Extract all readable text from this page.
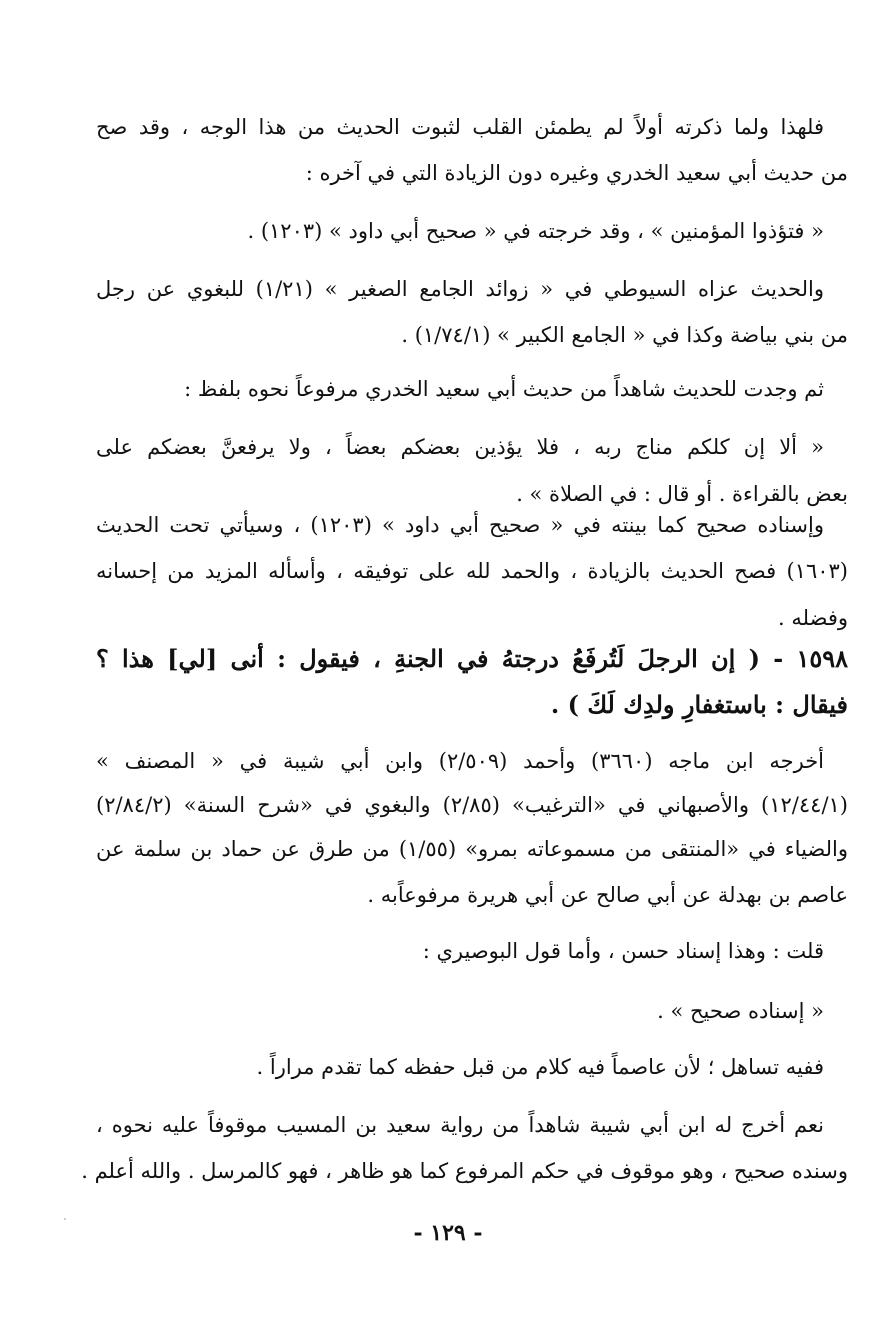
فلهذا ولما ذكرته أولاً لم يطمئن القلب لثبوت الحديث من هذا الوجه ، وقد صح
من حديث أبي سعيد الخدري وغيره دون الزيادة التي في آخره :
« فتؤذوا المؤمنين » ، وقد خرجته في « صحيح أبي داود » (١٢٠٣) .
والحديث عزاه السيوطي في « زوائد الجامع الصغير » (١/٢١) للبغوي عن رجل
من بني بياضة وكذا في « الجامع الكبير » (١/٧٤/١) .
ثم وجدت للحديث شاهداً من حديث أبي سعيد الخدري مرفوعاً نحوه بلفظ :
« ألا إن كلكم مناج ربه ، فلا يؤذين بعضكم بعضاً ، ولا يرفعنَّ بعضكم على
بعض بالقراءة . أو قال : في الصلاة » .
وإسناده صحيح كما بينته في « صحيح أبي داود » (١٢٠٣) ، وسيأتي تحت الحديث
(١٦٠٣) فصح الحديث بالزيادة ، والحمد لله على توفيقه ، وأسأله المزيد من إحسانه
وفضله .
١٥٩٨ - ( إن الرجلَ لَتُرفَعُ درجتهُ في الجنةِ ، فيقول : أنى [لي] هذا ؟
فيقال : باستغفارِ ولدِك لَكَ ) .
أخرجه ابن ماجه (٣٦٦٠) وأحمد (٢/٥٠٩) وابن أبي شيبة في « المصنف »
(١٢/٤٤/١) والأصبهاني في «الترغيب» (٢/٨٥) والبغوي في «شرح السنة» (٢/٨٤/٢)
والضياء في «المنتقى من مسموعاته بمرو» (١/٥٥) من طرق عن حماد بن سلمة عن
عاصم بن بهدلة عن أبي صالح عن أبي هريرة مرفوعاًبه .
قلت : وهذا إسناد حسن ، وأما قول البوصيري :
« إسناده صحيح » .
ففيه تساهل ؛ لأن عاصماً فيه كلام من قبل حفظه كما تقدم مراراً .
نعم أخرج له ابن أبي شيبة شاهداً من رواية سعيد بن المسيب موقوفاً عليه نحوه ،
وسنده صحيح ، وهو موقوف في حكم المرفوع كما هو ظاهر ، فهو كالمرسل . والله أعلم .
- ١٢٩ -
